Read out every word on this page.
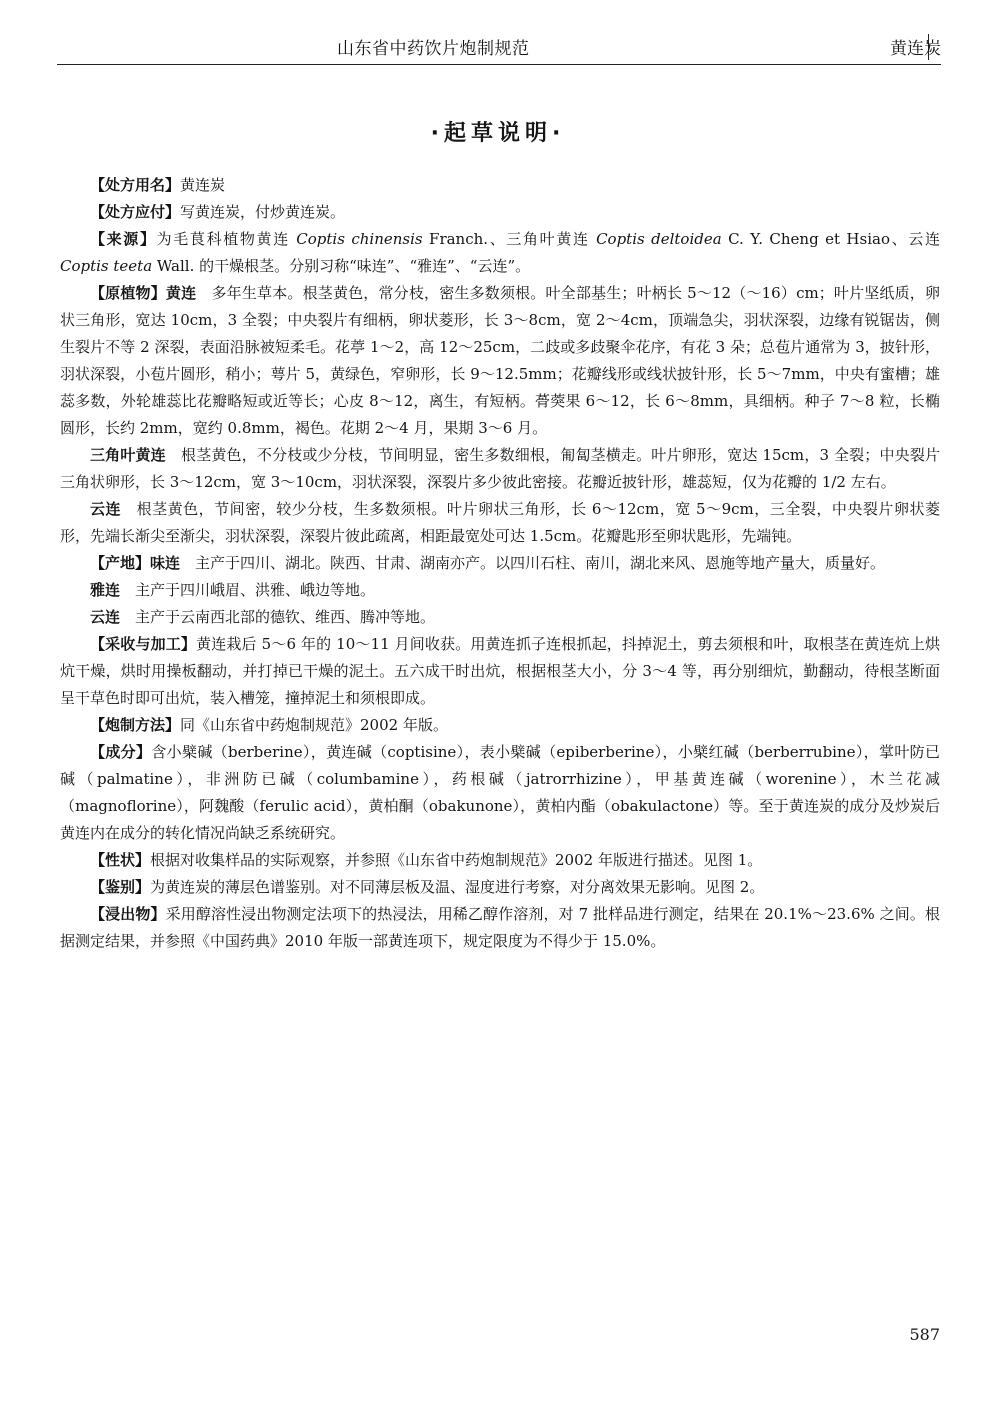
山东省中药饮片炮制规范	黄连炭
·起草说明·

【处方用名】黄连炭

【处方应付】写黄连炭，付炒黄连炭。

【来源】为毛茛科植物黄连 Coptis chinensis Franch.、三角叶黄连 Coptis deltoidea C. Y. Cheng et Hsiao、云连 Coptis teeta Wall. 的干燥根茎。分别习称“味连”、“雅连”、“云连”。

【原植物】黄连　多年生草本。根茎黄色，常分枝，密生多数须根。叶全部基生；叶柄长 5～12（～16）cm；叶片坚纸质，卵状三角形，宽达 10cm，3 全裂；中央裂片有细柄，卵状菱形，长 3～8cm，宽 2～4cm，顶端急尖，羽状深裂，边缘有锐锯齿，侧生裂片不等 2 深裂，表面沿脉被短柔毛。花葶 1～2，高 12～25cm，二歧或多歧聚伞花序，有花 3 朵；总苞片通常为 3，披针形，羽状深裂，小苞片圆形，稍小；萼片 5，黄绿色，窄卵形，长 9～12.5mm；花瓣线形或线状披针形，长 5～7mm，中央有蜜槽；雄蕊多数，外轮雄蕊比花瓣略短或近等长；心皮 8～12，离生，有短柄。蓇葖果 6～12，长 6～8mm，具细柄。种子 7～8 粒，长椭圆形，长约 2mm，宽约 0.8mm，褐色。花期 2～4 月，果期 3～6 月。

三角叶黄连　根茎黄色，不分枝或少分枝，节间明显，密生多数细根，匍匐茎横走。叶片卵形，宽达 15cm，3 全裂；中央裂片三角状卵形，长 3～12cm，宽 3～10cm，羽状深裂，深裂片多少彼此密接。花瓣近披针形，雄蕊短，仅为花瓣的 1/2 左右。

云连　根茎黄色，节间密，较少分枝，生多数须根。叶片卵状三角形，长 6～12cm，宽 5～9cm，三全裂，中央裂片卵状菱形，先端长渐尖至渐尖，羽状深裂，深裂片彼此疏离，相距最宽处可达 1.5cm。花瓣匙形至卵状匙形，先端钝。

【产地】味连　主产于四川、湖北。陕西、甘肃、湖南亦产。以四川石柱、南川，湖北来风、恩施等地产量大，质量好。

雅连　主产于四川峨眉、洪雅、峨边等地。

云连　主产于云南西北部的德钦、维西、腾冲等地。

【采收与加工】黄连栽后 5～6 年的 10～11 月间收获。用黄连抓子连根抓起，抖掉泥土，剪去须根和叶，取根茎在黄连炕上烘炕干燥，烘时用操板翻动，并打掉已干燥的泥土。五六成干时出炕，根据根茎大小，分 3～4 等，再分别细炕，勤翻动，待根茎断面呈干草色时即可出炕，装入槽笼，撞掉泥土和须根即成。

【炮制方法】同《山东省中药炮制规范》2002 年版。

【成分】含小檗碱（berberine），黄连碱（coptisine），表小檗碱（epiberberine），小檗红碱（berberrubine），掌叶防已碱（palmatine），非洲防已碱（columbamine），药根碱（jatrorrhizine），甲基黄连碱（worenine），木兰花减（magnoflorine），阿魏酸（ferulic acid），黄柏酮（obakunone），黄柏内酯（obakulactone）等。至于黄连炭的成分及炒炭后黄连内在成分的转化情况尚缺乏系统研究。

【性状】根据对收集样品的实际观察，并参照《山东省中药炮制规范》2002 年版进行描述。见图 1。

【鉴别】为黄连炭的薄层色谱鉴别。对不同薄层板及温、湿度进行考察，对分离效果无影响。见图 2。

【浸出物】采用醇溶性浸出物测定法项下的热浸法，用稀乙醇作溶剂，对 7 批样品进行测定，结果在 20.1%～23.6% 之间。根据测定结果，并参照《中国药典》2010 年版一部黄连项下，规定限度为不得少于 15.0%。

587
